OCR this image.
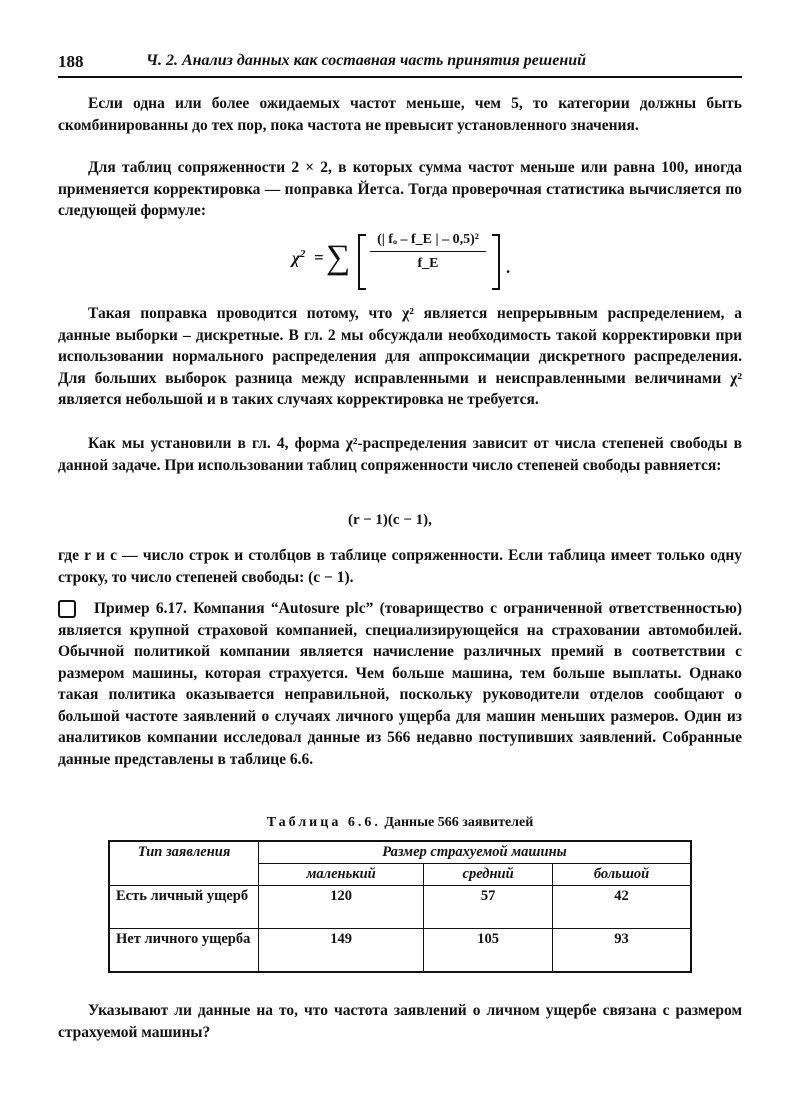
188	Ч. 2. Анализ данных как составная часть принятия решений

Если одна или более ожидаемых частот меньше, чем 5, то категории должны быть скомбинированны до тех пор, пока частота не превысит установленного значения.

Для таблиц сопряженности 2 × 2, в которых сумма частот меньше или равна 100, иногда применяется корректировка — поправка Йетса. Тогда проверочная статистика вычисляется по следующей формуле:

$\chi^2$ = ∑ $\frac{\text{(| fₒ – f\_E | – 0,5)²}}{f\_E}$ .

Такая поправка проводится потому, что χ² является непрерывным распределением, а данные выборки – дискретные. В гл. 2 мы обсуждали необходимость такой корректировки при использовании нормального распределения для аппроксимации дискретного распределения. Для больших выборок разница между исправленными и неисправленными величинами χ² является небольшой и в таких случаях корректировка не требуется.

Как мы установили в гл. 4, форма χ²-распределения зависит от числа степеней свободы в данной задаче. При использовании таблиц сопряженности число степеней свободы равняется:

(r − 1)(c − 1),

где r и c — число строк и столбцов в таблице сопряженности. Если таблица имеет только одну строку, то число степеней свободы: (c − 1).

Пример 6.17. Компания “Autosure plc” (товарищество с ограниченной ответственностью) является крупной страховой компанией, специализирующейся на страховании автомобилей. Обычной политикой компании является начисление различных премий в соответствии с размером машины, которая страхуется. Чем больше машина, тем больше выплаты. Однако такая политика оказывается неправильной, поскольку руководители отделов сообщают о большой частоте заявлений о случаях личного ущерба для машин меньших размеров. Один из аналитиков компании исследовал данные из 566 недавно поступивших заявлений. Собранные данные представлены в таблице 6.6.

Таблица 6.6. Данные 566 заявителей
Тип заявления	Размер страхуемой машины		
	маленький	средний	большой
Есть личный ущерб	120	57	42
Нет личного ущерба	149	105	93

Указывают ли данные на то, что частота заявлений о личном ущербе связана с размером страхуемой машины?
